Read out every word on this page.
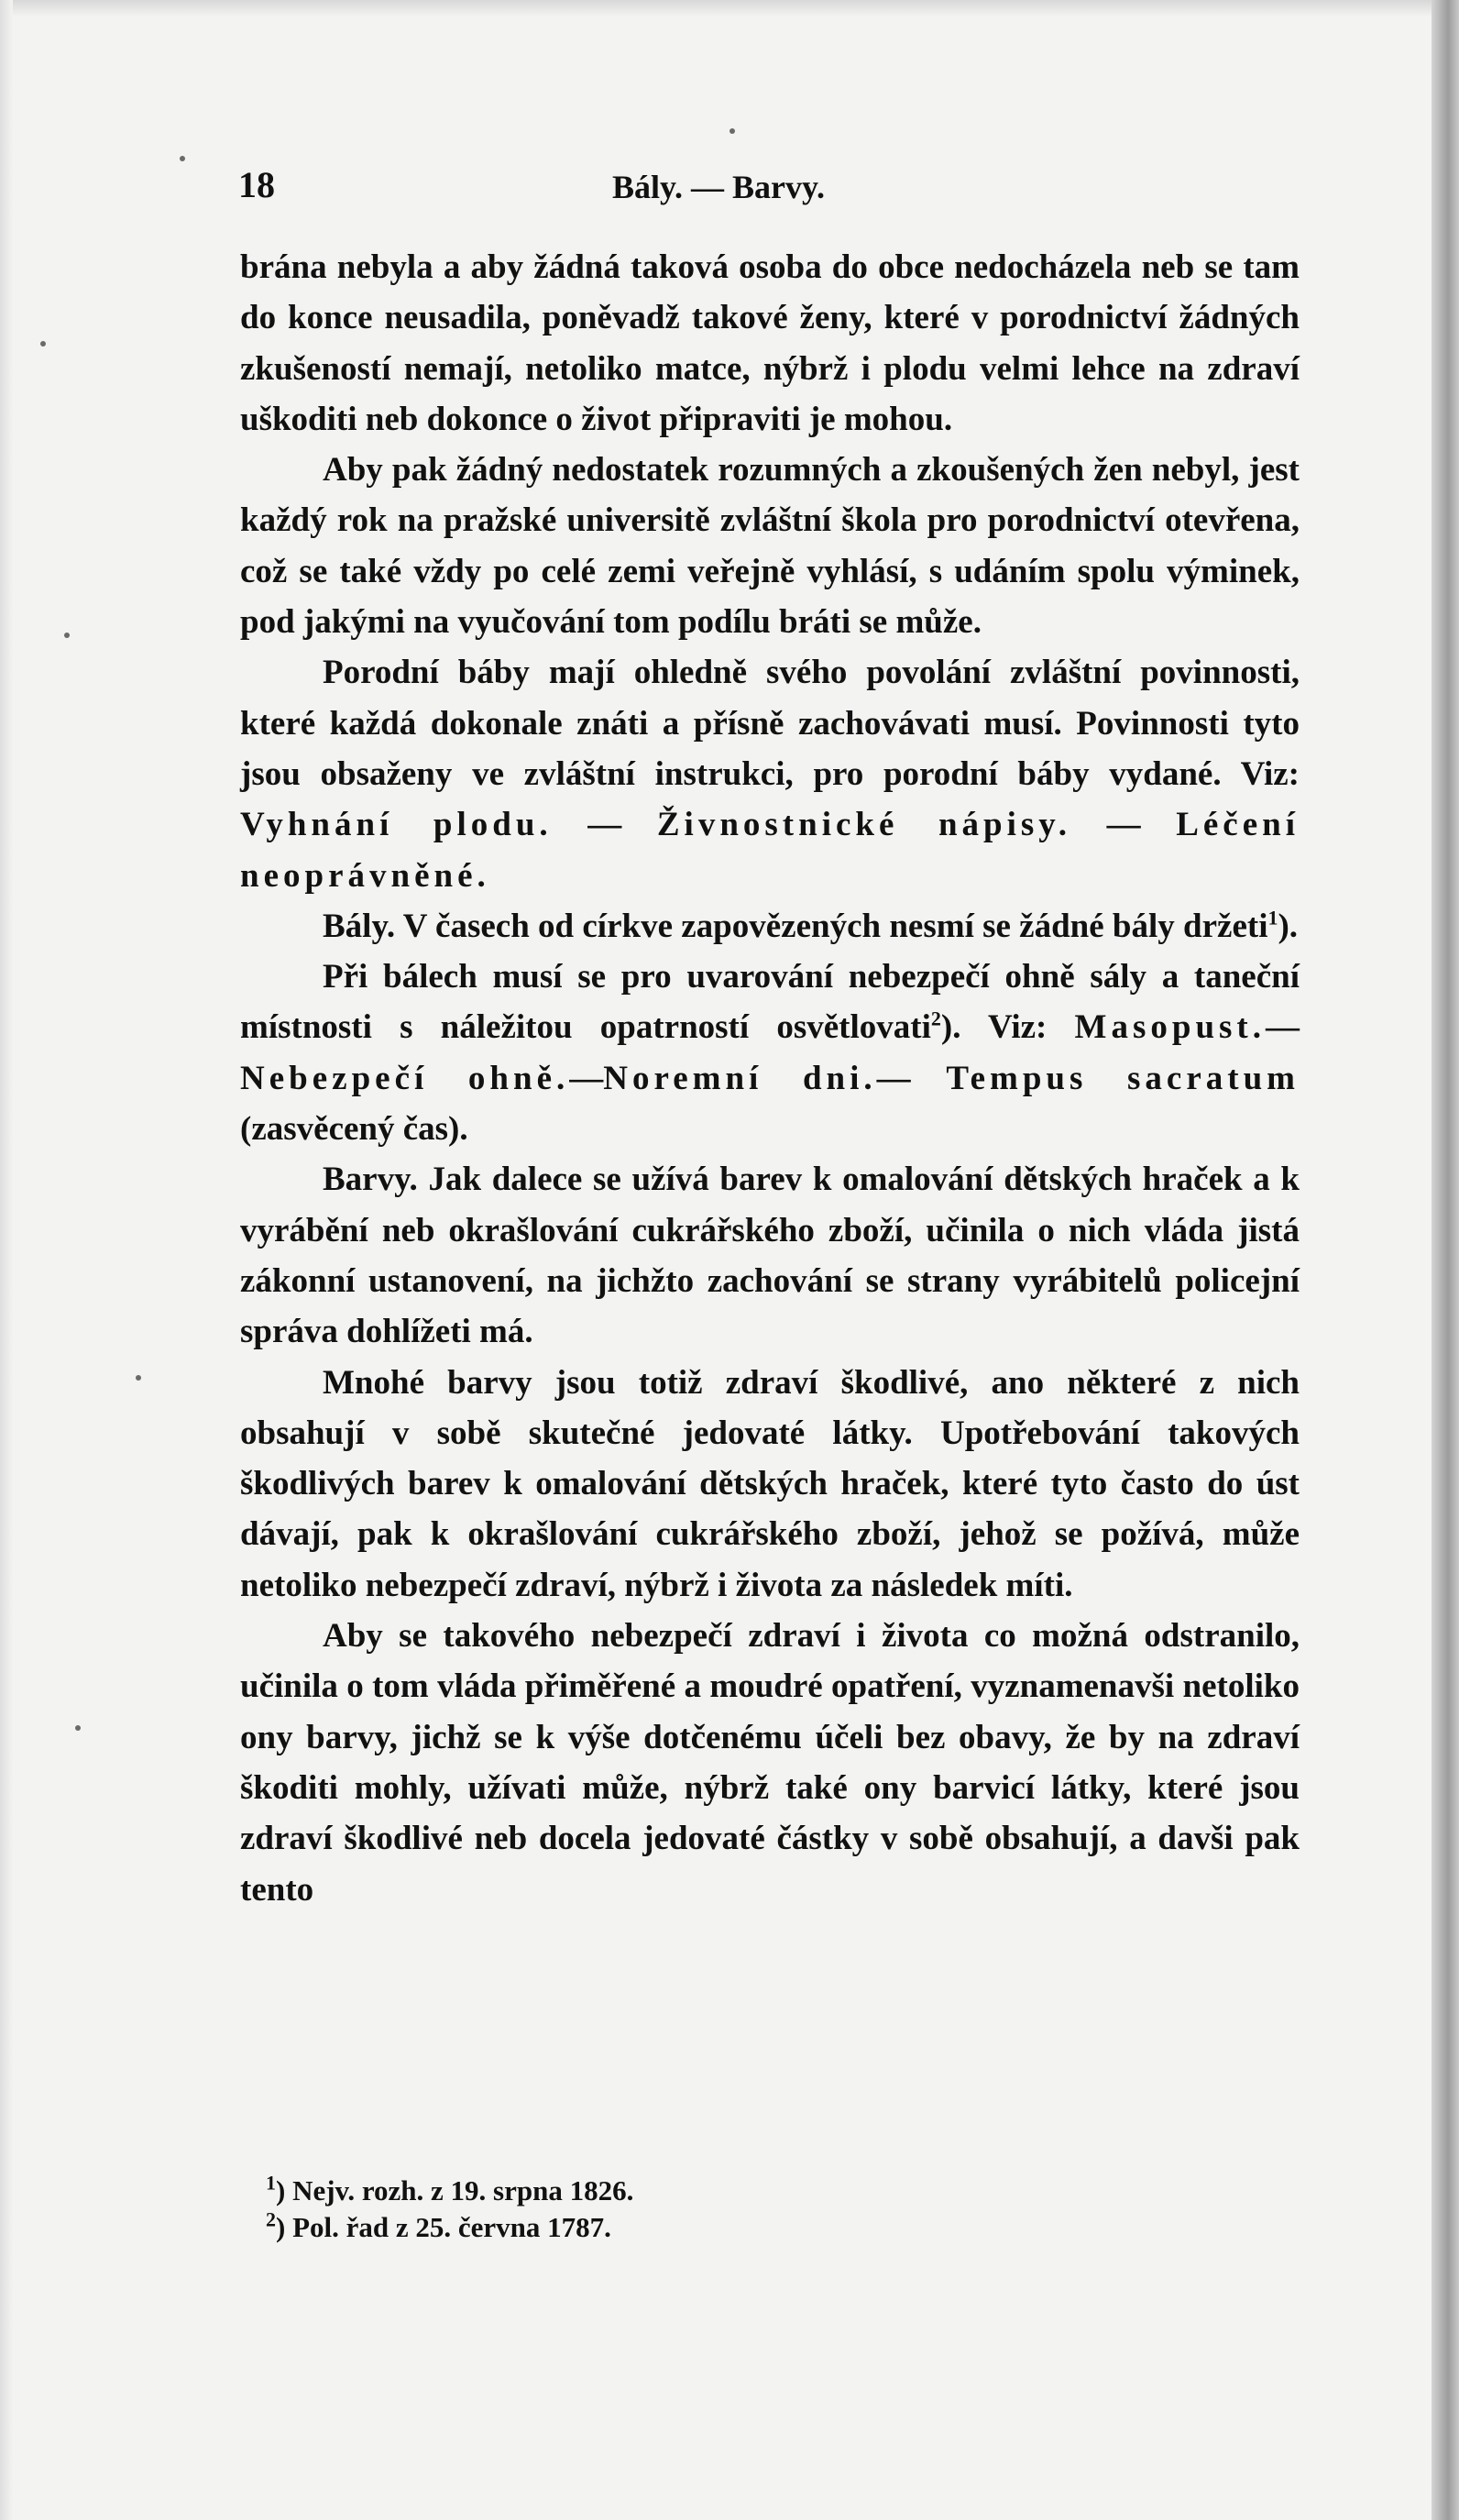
18	Bály. — Barvy.

brána nebyla a aby žádná taková osoba do obce nedocházela neb se tam do konce neusadila, poněvadž takové ženy, které v porodnictví žádných zkušeností nemají, netoliko matce, nýbrž i plodu velmi lehce na zdraví uškoditi neb dokonce o život připraviti je mohou.

Aby pak žádný nedostatek rozumných a zkoušených žen nebyl, jest každý rok na pražské universitě zvláštní škola pro porodnictví otevřena, což se také vždy po celé zemi veřejně vyhlásí, s udáním spolu výminek, pod jakými na vyučování tom podílu bráti se může.

Porodní báby mají ohledně svého povolání zvláštní povinnosti, které každá dokonale znáti a přísně zachovávati musí. Povinnosti tyto jsou obsaženy ve zvláštní instrukci, pro porodní báby vydané. Viz: Vyhnání plodu. — Živnostnické nápisy. — Léčení neoprávněné.

Bály. V časech od církve zapovězených nesmí se žádné bály držeti$^1$).

Při bálech musí se pro uvarování nebezpečí ohně sály a taneční místnosti s náležitou opatrností osvětlovati$^2$). Viz: Masopust.—Nebezpečí ohně.—Noremní dni.— Tempus sacratum (zasvěcený čas).

Barvy. Jak dalece se užívá barev k omalování dětských hraček a k vyrábění neb okrašlování cukrářského zboží, učinila o nich vláda jistá zákonní ustanovení, na jichžto zachování se strany vyrábitelů policejní správa dohlížeti má.

Mnohé barvy jsou totiž zdraví škodlivé, ano některé z nich obsahují v sobě skutečné jedovaté látky. Upotřebování takových škodlivých barev k omalování dětských hraček, které tyto často do úst dávají, pak k okrašlování cukrářského zboží, jehož se požívá, může netoliko nebezpečí zdraví, nýbrž i života za následek míti.

Aby se takového nebezpečí zdraví i života co možná odstranilo, učinila o tom vláda přiměřené a moudré opatření, vyznamenavši netoliko ony barvy, jichž se k výše dotčenému účeli bez obavy, že by na zdraví škoditi mohly, užívati může, nýbrž také ony barvicí látky, které jsou zdraví škodlivé neb docela jedovaté částky v sobě obsahují, a davši pak tento

$^1$) Nejv. rozh. z 19. srpna 1826.

$^2$) Pol. řad z 25. června 1787.
